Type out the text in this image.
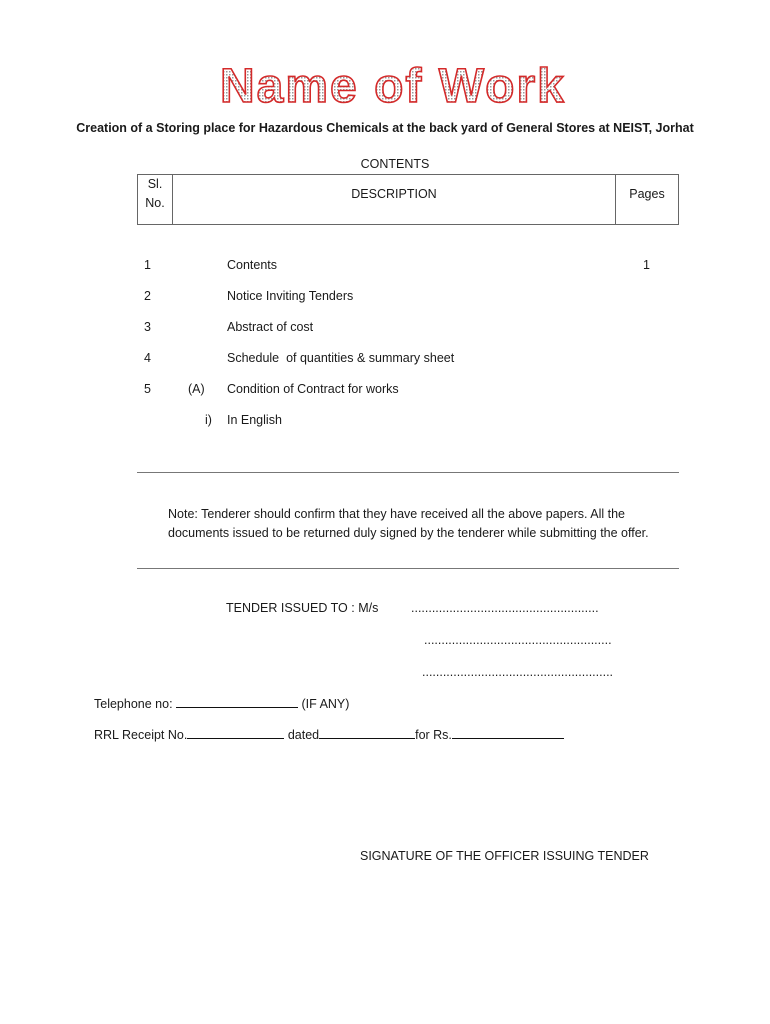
Name of Work
Creation of a Storing place for Hazardous Chemicals at the back yard of General Stores at NEIST, Jorhat
CONTENTS
Sl.
No.
DESCRIPTION	Pages
1	Contents	1
2	Notice Inviting Tenders
3	Abstract of cost
4	Schedule  of quantities & summary sheet
5	(A) Condition of Contract for works
i) In English
Note: Tenderer should confirm that they have received all the above papers. All the documents issued to be returned duly signed by the tenderer while submitting the offer.
TENDER ISSUED TO : M/s	......................................................
......................................................
.......................................................
Telephone no:	(IF ANY)
RRL Receipt No.	dated	for Rs.
SIGNATURE OF THE OFFICER ISSUING TENDER
